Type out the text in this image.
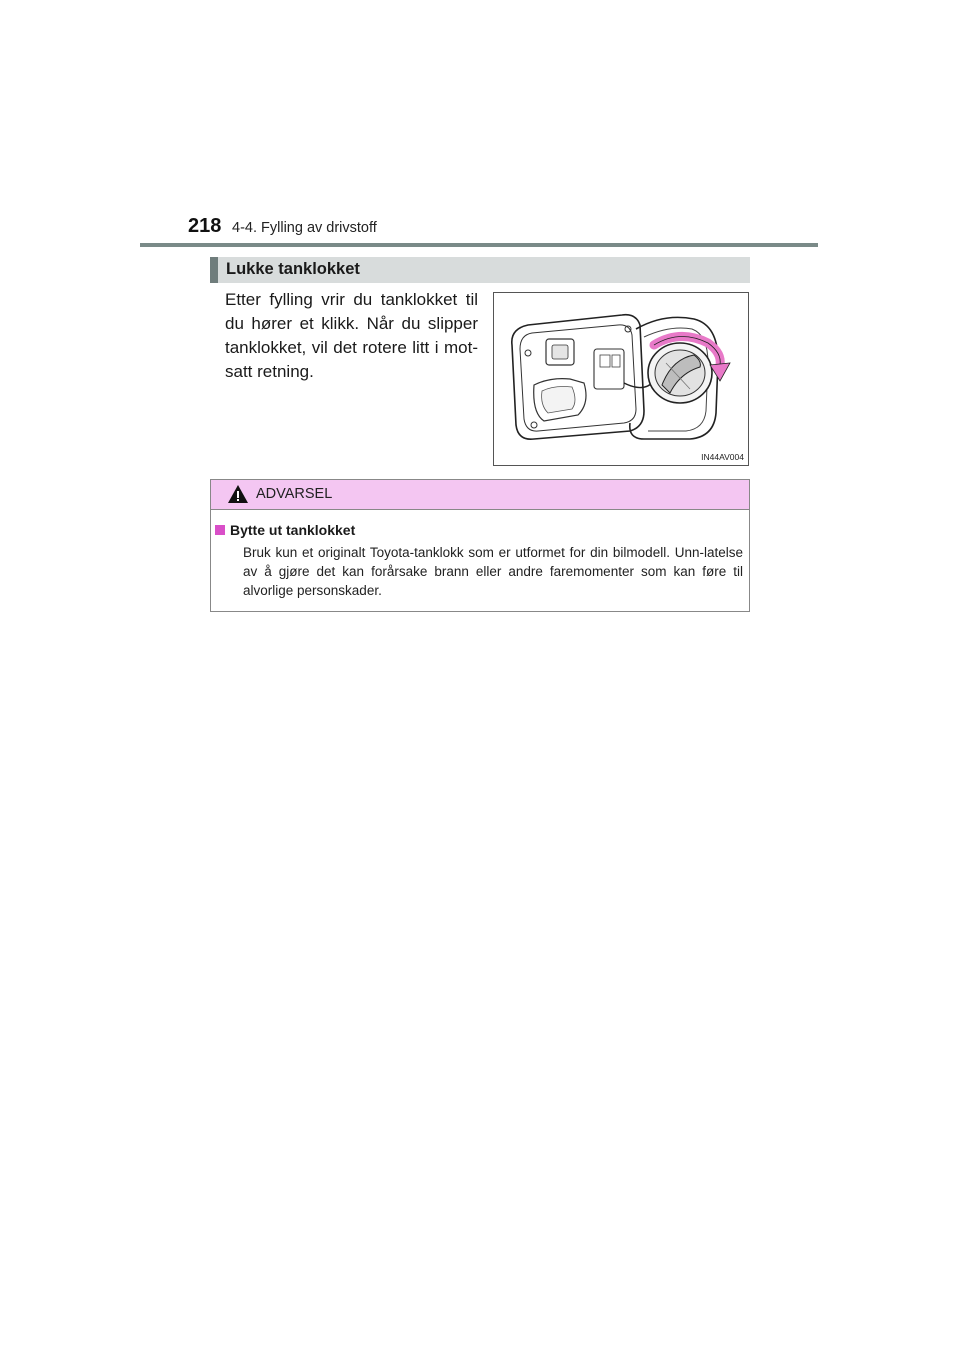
218 4-4. Fylling av drivstoff
Lukke tanklokket
Etter fylling vrir du tanklokket til du hører et klikk. Når du slipper tanklokket, vil det rotere litt i mot-satt retning.
IN44AV004
ADVARSEL
Bytte ut tanklokket
Bruk kun et originalt Toyota-tanklokk som er utformet for din bilmodell. Unn-latelse av å gjøre det kan forårsake brann eller andre faremomenter som kan føre til alvorlige personskader.
